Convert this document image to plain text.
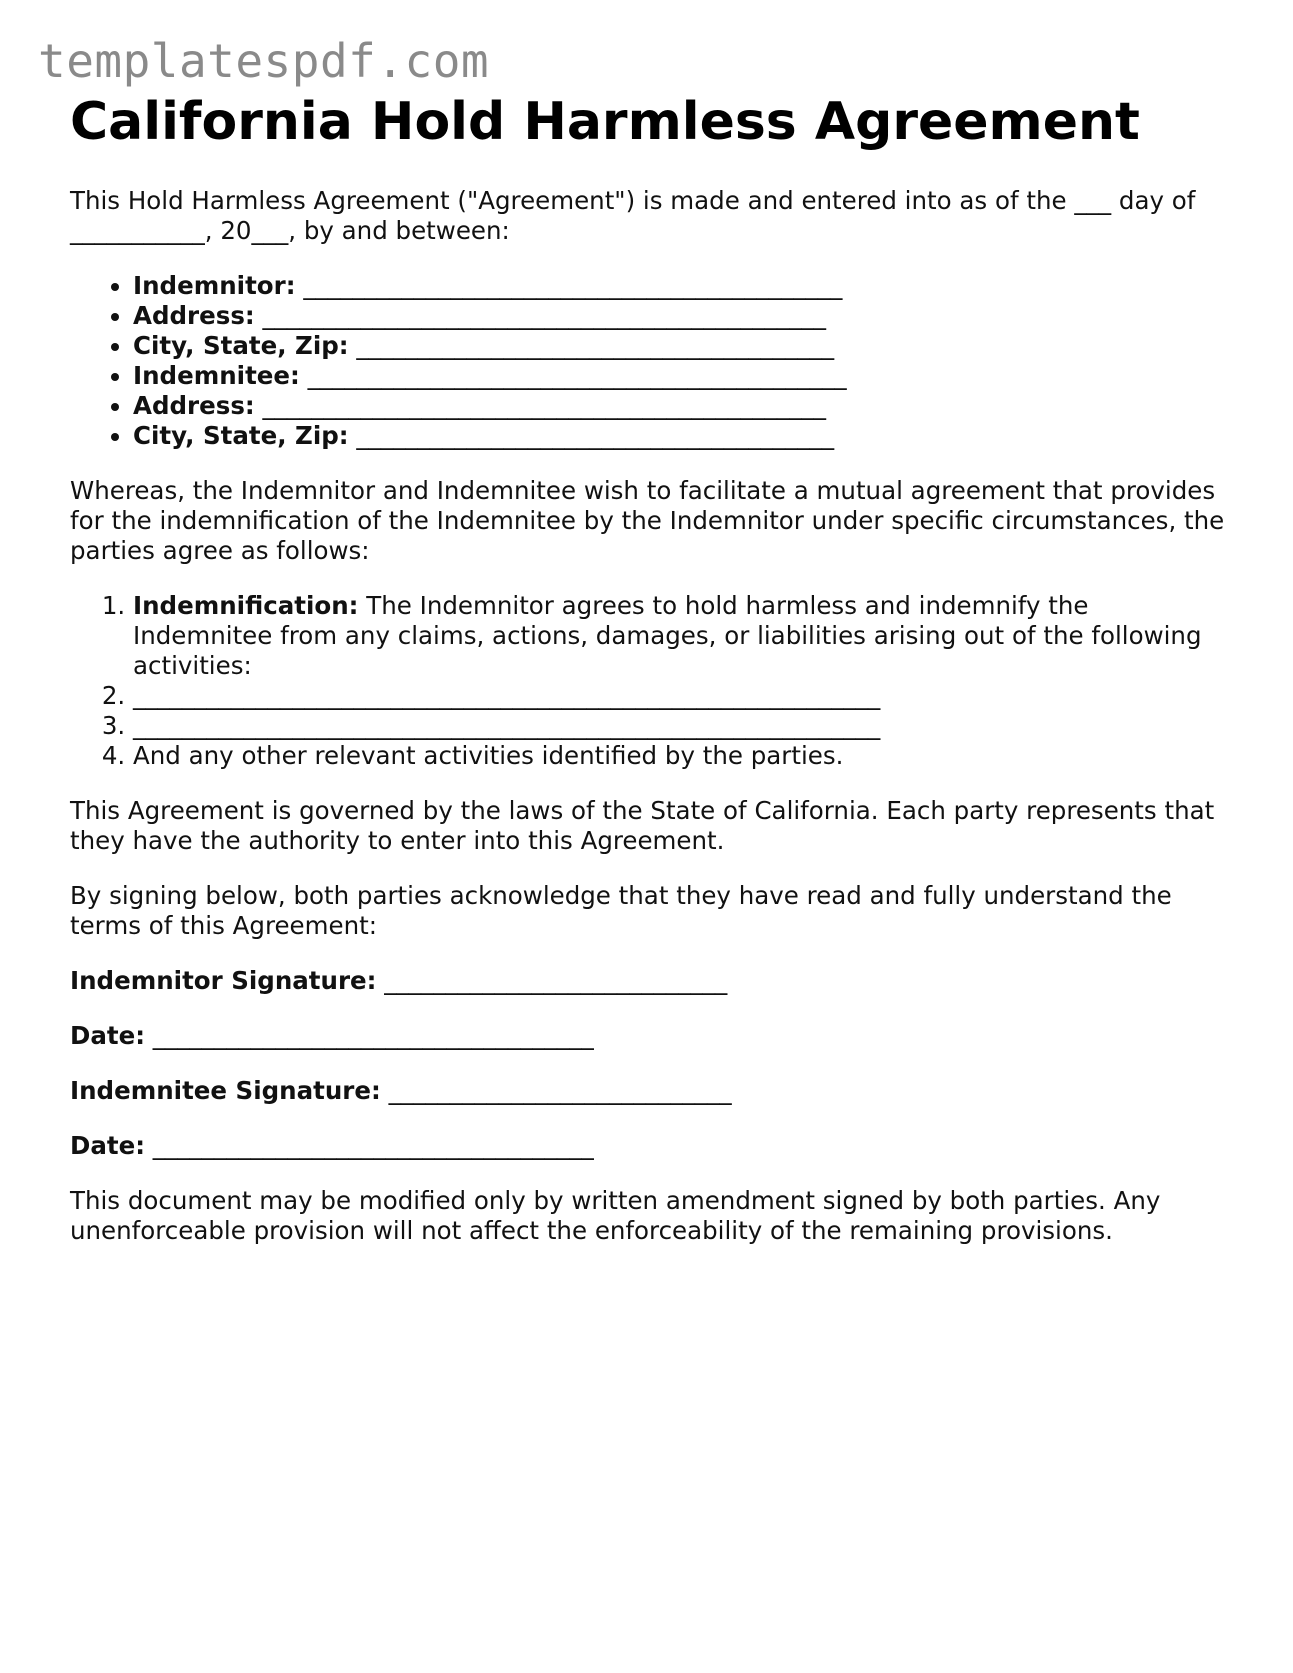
templatespdf.com
California Hold Harmless Agreement

This Hold Harmless Agreement ("Agreement") is made and entered into as of the ___ day of ___________, 20___, by and between:

• Indemnitor: ____________________________________________
• Address: ______________________________________________
• City, State, Zip: _______________________________________
• Indemnitee: ____________________________________________
• Address: ______________________________________________
• City, State, Zip: _______________________________________

Whereas, the Indemnitor and Indemnitee wish to facilitate a mutual agreement that provides for the indemnification of the Indemnitee by the Indemnitor under specific circumstances, the parties agree as follows:

1. Indemnification: The Indemnitor agrees to hold harmless and indemnify the Indemnitee from any claims, actions, damages, or liabilities arising out of the following activities:
2. _____________________________________________________________
3. _____________________________________________________________
4. And any other relevant activities identified by the parties.

This Agreement is governed by the laws of the State of California. Each party represents that they have the authority to enter into this Agreement.

By signing below, both parties acknowledge that they have read and fully understand the terms of this Agreement:

Indemnitor Signature: ____________________________
Date: ____________________________________
Indemnitee Signature: ____________________________
Date: ____________________________________

This document may be modified only by written amendment signed by both parties. Any unenforceable provision will not affect the enforceability of the remaining provisions.
